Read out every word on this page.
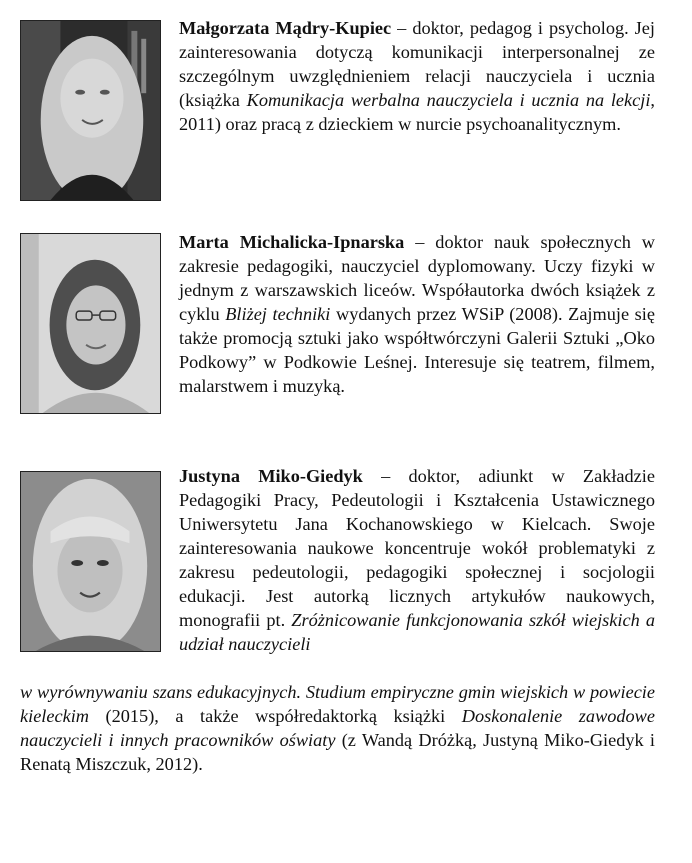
Małgorzata Mądry-Kupiec – doktor, pedagog i psycholog. Jej zainteresowania dotyczą komunikacji interpersonalnej ze szczególnym uwzględnieniem relacji nauczyciela i ucznia (książka Komunikacja werbalna nauczyciela i ucznia na lekcji, 2011) oraz pracą z dzieckiem w nurcie psychoanalitycznym.
Marta Michalicka-Ipnarska – doktor nauk społecznych w zakresie pedagogiki, nauczyciel dyplomowany. Uczy fizyki w jednym z warszawskich liceów. Współautorka dwóch książek z cyklu Bliżej techniki wydanych przez WSiP (2008). Zajmuje się także promocją sztuki jako współtwórczyni Galerii Sztuki „Oko Podkowy” w Podkowie Leśnej. Interesuje się teatrem, filmem, malarstwem i muzyką.
Justyna Miko-Giedyk – doktor, adiunkt w Zakładzie Pedagogiki Pracy, Pedeutologii i Kształcenia Ustawicznego Uniwersytetu Jana Kochanowskiego w Kielcach. Swoje zainteresowania naukowe koncentruje wokół problematyki z zakresu pedeutologii, pedagogiki społecznej i socjologii edukacji. Jest autorką licznych artykułów naukowych, monografii pt. Zróżnicowanie funkcjonowania szkół wiejskich a udział nauczycieli
w wyrównywaniu szans edukacyjnych. Studium empiryczne gmin wiejskich w powiecie kieleckim (2015), a także współredaktorką książki Doskonalenie zawodowe nauczycieli i innych pracowników oświaty (z Wandą Dróżką, Justyną Miko-Giedyk i Renatą Miszczuk, 2012).
